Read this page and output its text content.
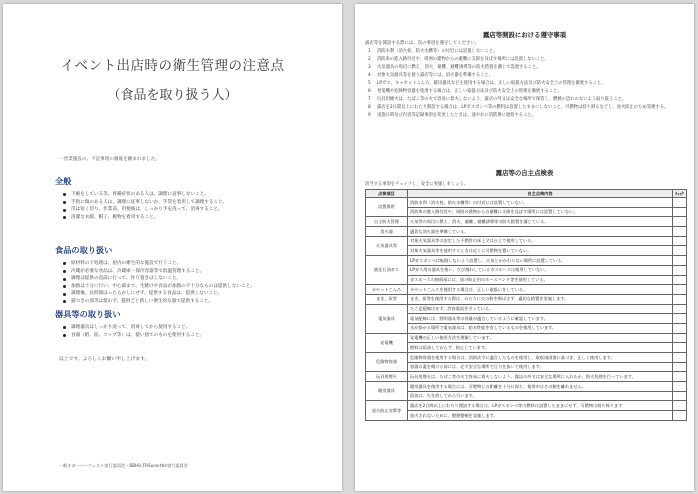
イベント出店時の衛生管理の注意点
（食品を取り扱う人）
一営業施設の、下記事項の徹底を頼まれました。
全般
下痢をしている等、胃腸症状のある人は、調理に従事しないこと。
手指に傷のある人は、調理に従事しないか、手袋を着用して調理すること。
爪は短く切り、作業前、用便後は、しっかり手を洗って、消毒すること。
清潔な衣服、帽子、履物を着用すること。
食品の取り扱い
原材料の下処理は、屋内の衛生的な施設で行うこと。
冷蔵が必要な食品は、冷蔵庫・保冷容器等で低温管理すること。
調理は提供の直前に行って、作り置きはしないこと。
加熱は十分に行い、中心部まで、生焼けや食品が加熱の不十分なものは提供しないこと。
調理後、長時間ほったらかしにせず、提供する食品は、提供しないこと。
露つきの皿等は使わず、提供ごと新しい衛生的な器で提供すること。
器具等の取り扱い
調理器具はしっかり洗って、消毒してから使用すること。
食器（紙、皿、コップ等）は、使い捨てのものを使用すること。
以上です。よろしくお願い申し上げます。
一般オガーハーフェスト実行委員会・BBHU FRSuna-the実行委員会
露店等開設における遵守事項
露店等を開設する際には、次の事項を遵守してください。
1 消防水利（消火栓、防火水槽等）の付近には設置しないこと。
2 消防車の進入路付近や、周囲の建物からの避難に支障を及ぼす場所には設置しないこと。
3 火気器具の周辺に燃え、消火、避難、避難誘導等の防火措置を講じて設置すること。
4 対象火気器具等を使う露店等には、消火器を準備すること。
5 LPガス、キャセットこんろ、暖房器具などを使用する場合は、正しい取扱方法及び防火安全上の管理を徹底すること。
6 発電機や危険物容器を使用する場合は、正しい取扱方法及び防火安全上の管理を徹底すること。
7 玩具用煙火は、たばこ等の火で容易に着火しないよう、露店の外又は安全な場所で保管し、燃焼の恐れのないよう取り扱うこと。
8 露店を2日間以上にわたり開設する場合は、LPガスボンベ等の燃料は設置したままにしないこと。可燃物は持ち帰るなどし、放火防止のため管理する。
9 実施日時及び内容等記録事項を変更したときは、速やかに消防署に連絡すること。
露店等の自主点検表
該当する事項をチェックし、安全に実施しましょう。
点検項目	自主点検内容	ﾁｪｯｸ
設置場所	消防水利（消火栓、防火水槽等）の付近には設置していない。	
	消防車の進入路付近や、周囲の建物からの避難に支障を及ぼす場所には設置していない。	
自主防火管理	火気等の周辺に燃え、消火、避難、避難誘導等の防火措置を講じている。	
消火器	適切な消火器を準備している。	
火気器具等	対象火気器具等の安定した不燃性の床上又は台上で使用している。	
	対象火気器具等を使用するときは近くに可燃物を置いていない。	
液化石油ガス	LPガスボンベは転倒しないよう設置し、火気とかかわらない場所に設置している。	
	LPガス用の器具を使い、ひび割れしているガスホースは使用していない。	
	ガスホースの接続部には、抜け防止用のホースバンド等を使用している。	
カセットこんろ	カセットこんろを使用する場合は、正しい取扱いをしている。	
まき、炭等	まき、炭等を使用する際は、みだりに火の粉を飛ばさず、適切な措置を実施します。	
電気器具	たこ足配線はせず、許容電流を守っている。	
	電気配線には、照明器具等の容量が適合しているように確認しています。	
	水が掛かる場所で電気器具は、防水性能を有しているものを使用しています。	
発電機	発電機の正しい使用方法を理解しています。	
	燃料は給油しておらず、防止しています。	
危険物容器	危険物容器を使用する場合は、消防法令に適合したものを使用し、取扱規則書に基づき、正しく使用します。	
	容器の蓋を開ける前には、必ず安全な場所で圧力を抜いて使用します。	
玩具用煙火	玩具用煙火は、たばこ等の火で容易に着火しないよう、露店の外又は安全な場所に入れるか、防火処理を行っています。	
暖房器具	暖房器具を使用する場合には、可燃物との距離を十分に保ち、使用中はその側を離れません。	
	給油は、火を消してから行います。	
放火防止対策等	露店を2日間以上にわたり開設する場合は、LPガスボンベ等の燃料は設置したままにせず、可燃物は持ち帰ります	
	放火されないために、整理整頓を実施します。	
